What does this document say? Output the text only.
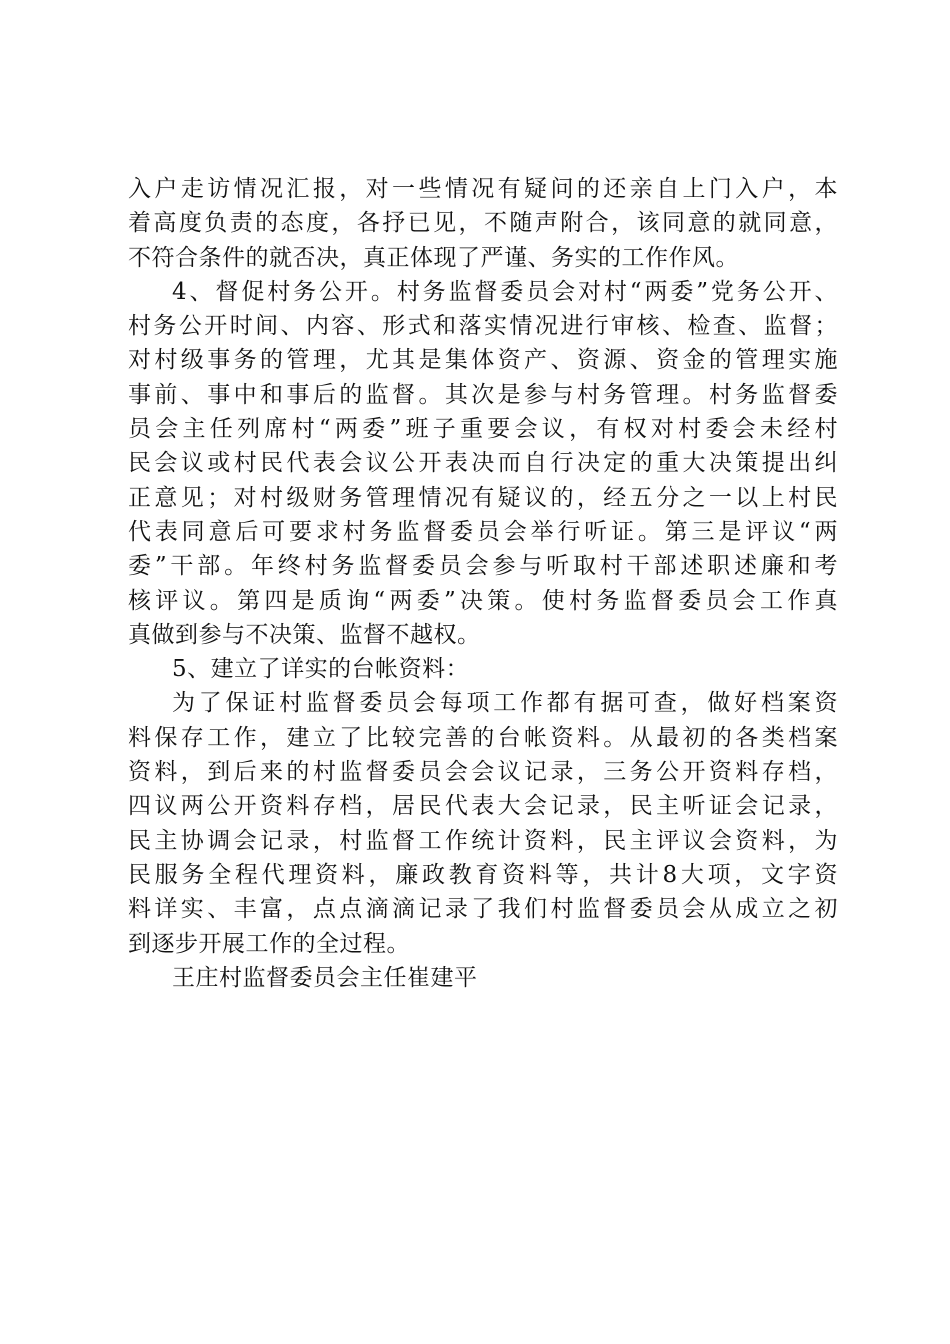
入户走访情况汇报，对一些情况有疑问的还亲自上门入户，本
着高度负责的态度，各抒已见，不随声附合，该同意的就同意，
不符合条件的就否决，真正体现了严谨、务实的工作作风。
4、督促村务公开。村务监督委员会对村“两委”党务公开、
村务公开时间、内容、形式和落实情况进行审核、检查、监督；
对村级事务的管理，尤其是集体资产、资源、资金的管理实施
事前、事中和事后的监督。其次是参与村务管理。村务监督委
员会主任列席村“两委”班子重要会议，有权对村委会未经村
民会议或村民代表会议公开表决而自行决定的重大决策提出纠
正意见；对村级财务管理情况有疑议的，经五分之一以上村民
代表同意后可要求村务监督委员会举行听证。第三是评议“两
委”干部。年终村务监督委员会参与听取村干部述职述廉和考
核评议。第四是质询“两委”决策。使村务监督委员会工作真
真做到参与不决策、监督不越权。
5、建立了详实的台帐资料：
为了保证村监督委员会每项工作都有据可查，做好档案资
料保存工作，建立了比较完善的台帐资料。从最初的各类档案
资料，到后来的村监督委员会会议记录，三务公开资料存档，
四议两公开资料存档，居民代表大会记录，民主听证会记录，
民主协调会记录，村监督工作统计资料，民主评议会资料，为
民服务全程代理资料，廉政教育资料等，共计8大项，文字资
料详实、丰富，点点滴滴记录了我们村监督委员会从成立之初
到逐步开展工作的全过程。
王庄村监督委员会主任崔建平
